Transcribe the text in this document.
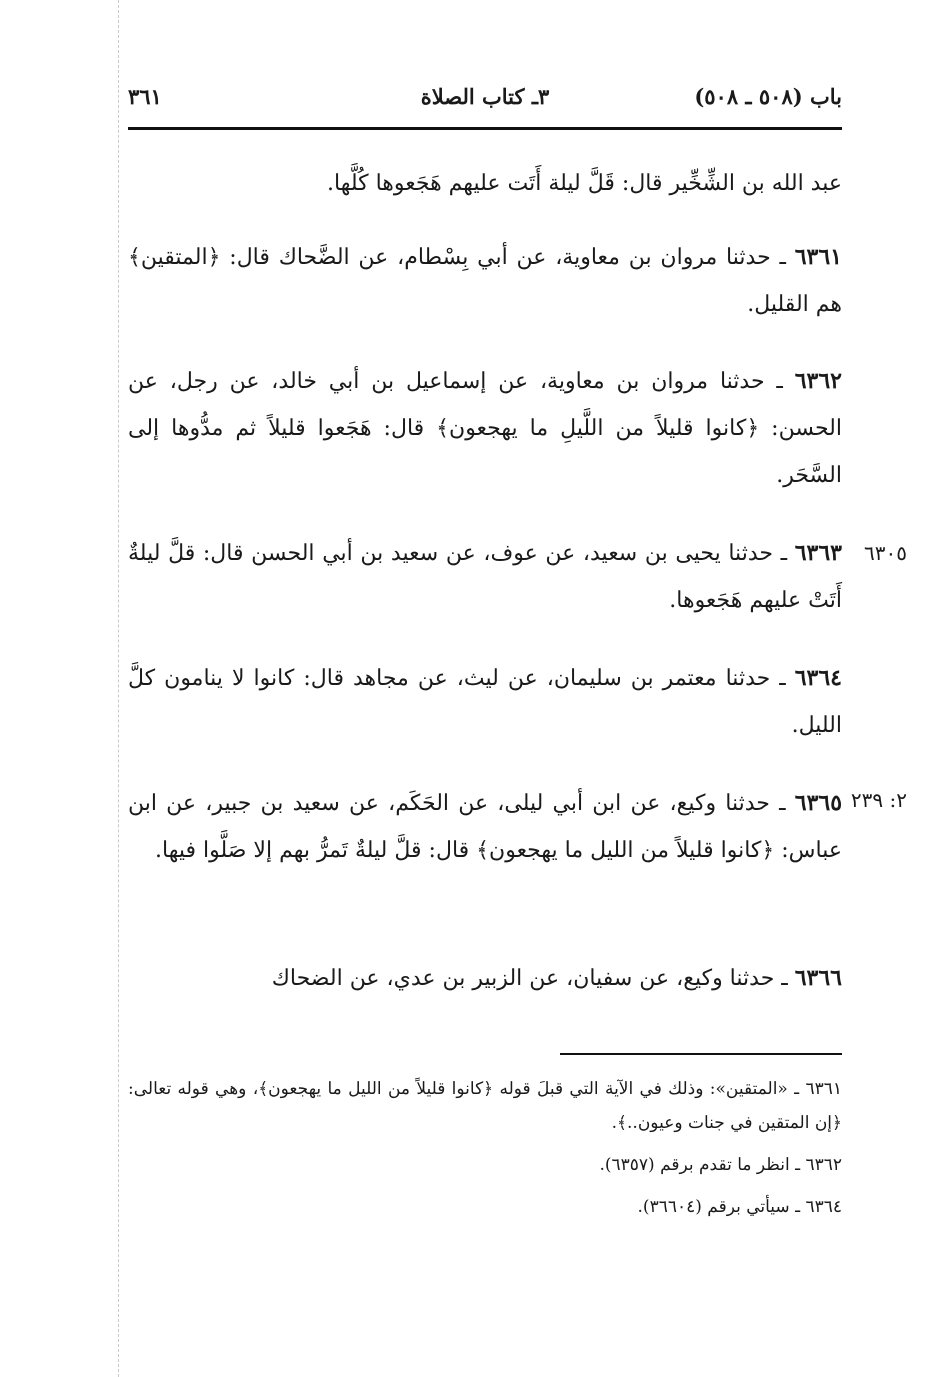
باب (٥٠٨ ـ ٥٠٨)
٣ـ كتاب الصلاة
٣٦١
عبد الله بن الشِّخِّير قال: قَلَّ ليلة أَتَت عليهم هَجَعوها كُلَّها.
٦٣٦١ ـ حدثنا مروان بن معاوية، عن أبي بِسْطام، عن الضَّحاك قال: ﴿المتقين﴾ هم القليل.
٦٣٦٢ ـ حدثنا مروان بن معاوية، عن إسماعيل بن أبي خالد، عن رجل، عن الحسن: ﴿كانوا قليلاً من اللَّيلِ ما يهجعون﴾ قال: هَجَعوا قليلاً ثم مدُّوها إلى السَّحَر.
٦٣٦٣ ـ حدثنا يحيى بن سعيد، عن عوف، عن سعيد بن أبي الحسن قال: قلَّ ليلةٌ أَتَتْ عليهم هَجَعوها.
٦٣٦٤ ـ حدثنا معتمر بن سليمان، عن ليث، عن مجاهد قال: كانوا لا ينامون كلَّ الليل.
٦٣٦٥ ـ حدثنا وكيع، عن ابن أبي ليلى، عن الحَكَم، عن سعيد بن جبير، عن ابن عباس: ﴿كانوا قليلاً من الليل ما يهجعون﴾ قال: قلَّ ليلةٌ تَمرُّ بهم إلا صَلَّوا فيها.
٦٣٦٦ ـ حدثنا وكيع، عن سفيان، عن الزبير بن عدي، عن الضحاك
٦٣٠٥
٢: ٢٣٩

٦٣٦١ ـ «المتقين»: وذلك في الآية التي قبلَ قوله ﴿كانوا قليلاً من الليل ما يهجعون﴾، وهي قوله تعالى: ﴿إن المتقين في جنات وعيون..﴾.

٦٣٦٢ ـ انظر ما تقدم برقم (٦٣٥٧).

٦٣٦٤ ـ سيأتي برقم (٣٦٦٠٤).
